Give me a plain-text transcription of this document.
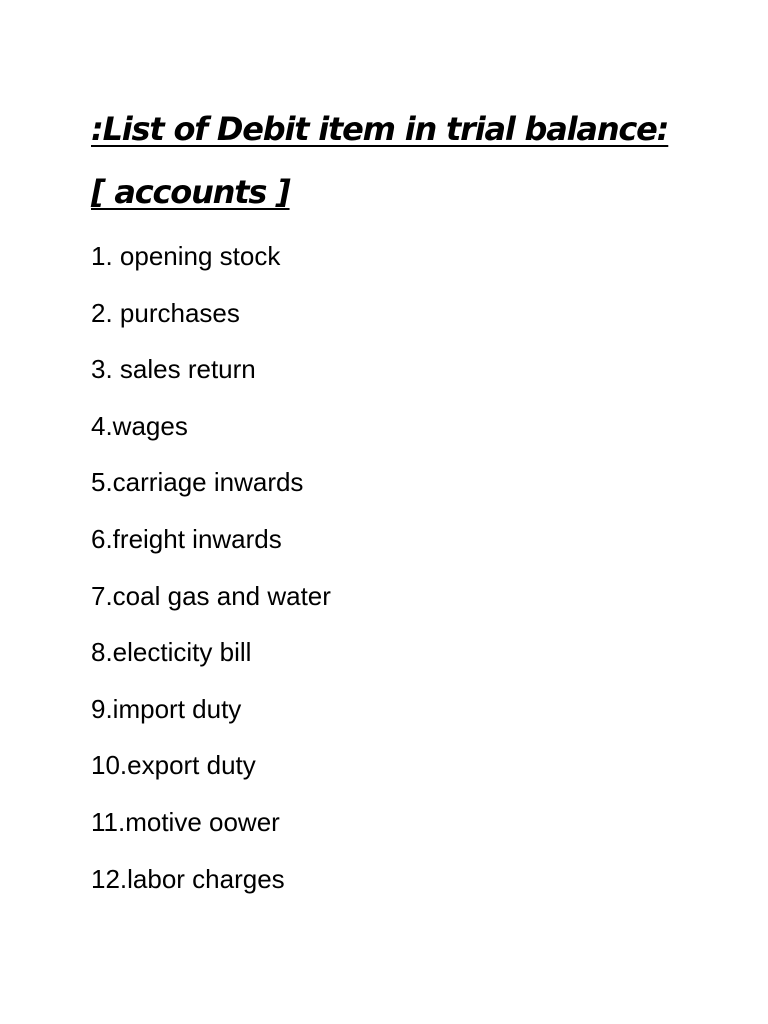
:List of Debit item in trial balance:
[ accounts ]
1. opening stock
2. purchases
3. sales return
4.wages
5.carriage inwards
6.freight inwards
7.coal gas and water
8.electicity bill
9.import duty
10.export duty
11.motive oower
12.labor charges
